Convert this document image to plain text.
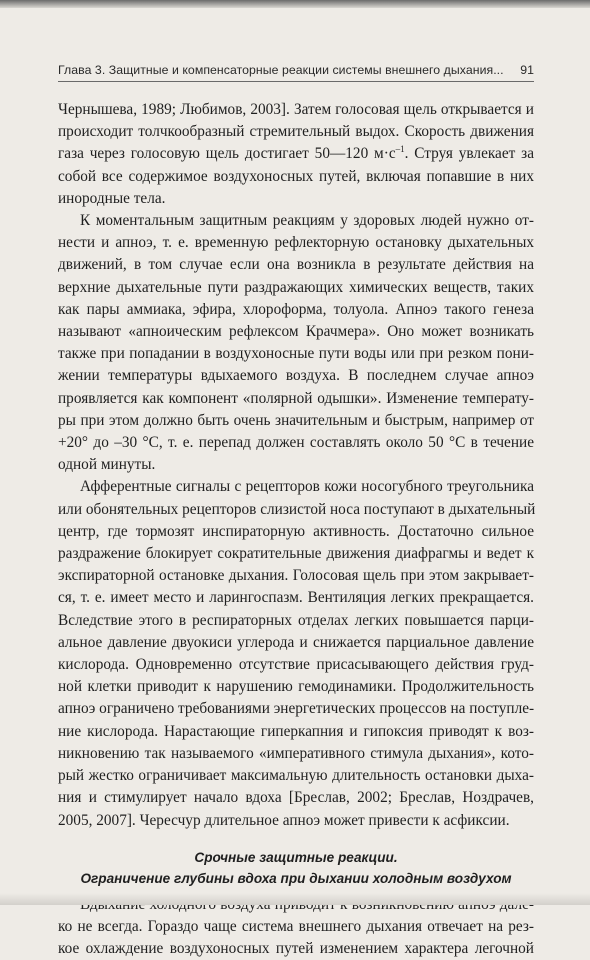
Глава 3. Защитные и компенсаторные реакции системы внешнего дыхания... 91

Чернышева, 1989; Любимов, 2003]. Затем голосовая щель открывается и
происходит толчкообразный стремительный выдох. Скорость движения
газа через голосовую щель достигает 50—120 $м\cdot с^{-1}$. Струя увлекает за
собой все содержимое воздухоносных путей, включая попавшие в них
инородные тела.

К моментальным защитным реакциям у здоровых людей нужно от-
нести и апноэ, т. е. временную рефлекторную остановку дыхательных
движений, в том случае если она возникла в результате действия на
верхние дыхательные пути раздражающих химических веществ, таких
как пары аммиака, эфира, хлороформа, толуола. Апноэ такого генеза
называют «апноическим рефлексом Крачмера». Оно может возникать
также при попадании в воздухоносные пути воды или при резком пони-
жении температуры вдыхаемого воздуха. В последнем случае апноэ
проявляется как компонент «полярной одышки». Изменение температу-
ры при этом должно быть очень значительным и быстрым, например от
+20° до –30 °С, т. е. перепад должен составлять около 50 °С в течение
одной минуты.

Афферентные сигналы с рецепторов кожи носогубного треугольника
или обонятельных рецепторов слизистой носа поступают в дыхательный
центр, где тормозят инспираторную активность. Достаточно сильное
раздражение блокирует сократительные движения диафрагмы и ведет к
экспираторной остановке дыхания. Голосовая щель при этом закрывает-
ся, т. е. имеет место и ларингоспазм. Вентиляция легких прекращается.
Вследствие этого в респираторных отделах легких повышается парци-
альное давление двуокиси углерода и снижается парциальное давление
кислорода. Одновременно отсутствие присасывающего действия груд-
ной клетки приводит к нарушению гемодинамики. Продолжительность
апноэ ограничено требованиями энергетических процессов на поступле-
ние кислорода. Нарастающие гиперкапния и гипоксия приводят к воз-
никновению так называемого «императивного стимула дыхания», кото-
рый жестко ограничивает максимальную длительность остановки дыха-
ния и стимулирует начало вдоха [Бреслав, 2002; Бреслав, Ноздрачев,
2005, 2007]. Чересчур длительное апноэ может привести к асфиксии.

Срочные защитные реакции.
Ограничение глубины вдоха при дыхании холодным воздухом

ко не всегда. Гораздо чаще система внешнего дыхания отвечает на рез-
кое охлаждение воздухоносных путей изменением характера легочной
